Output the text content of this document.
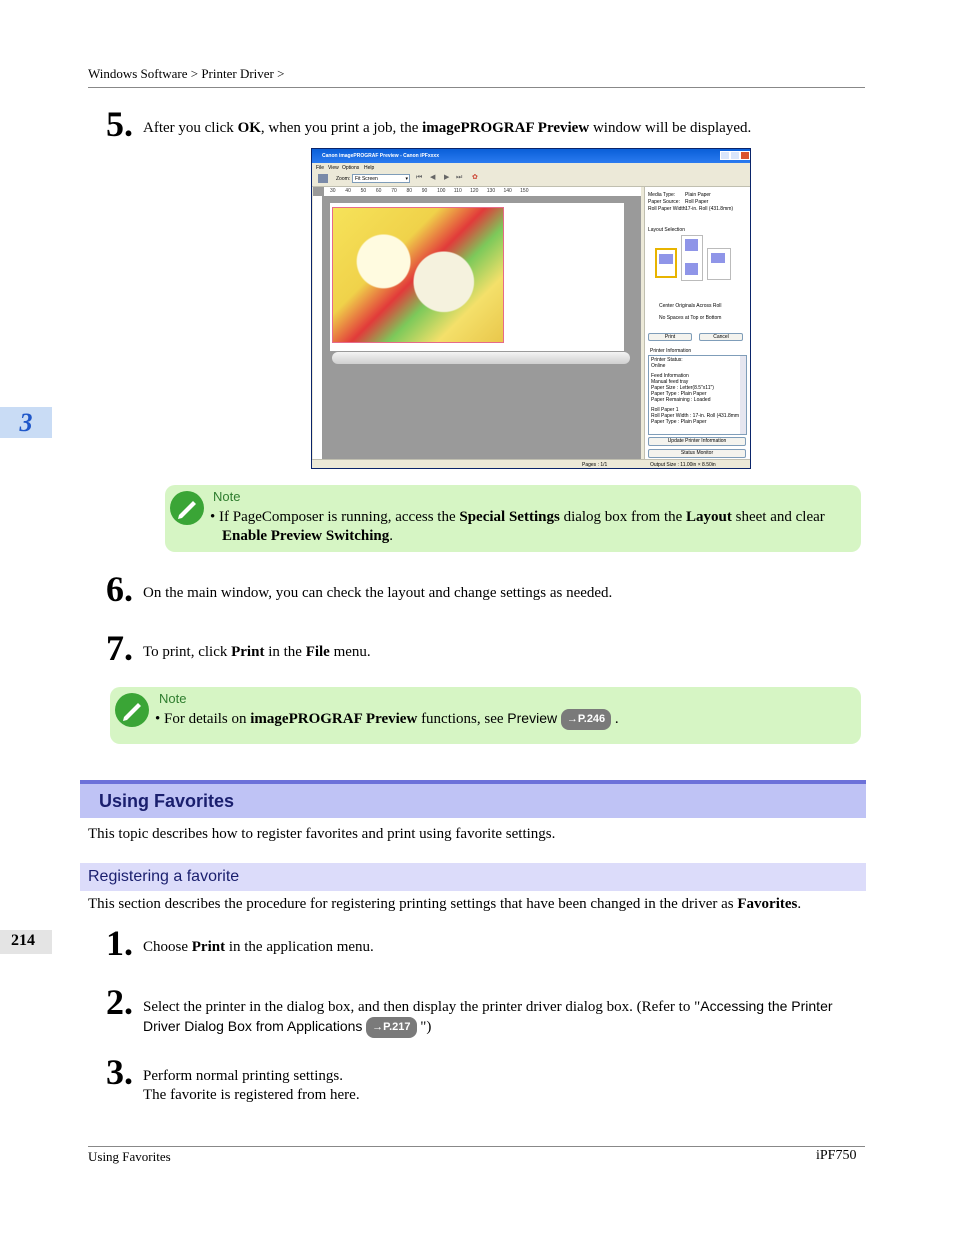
Windows Software > Printer Driver >
3
214
5. After you click OK, when you print a job, the imagePROGRAF Preview window will be displayed.
Canon imagePROGRAF Preview - Canon iPFxxxx
File View Options Help
Zoom: Fit Screen	▾ ⏮ ◀ ▶ ⏭ ✿
30 40 50 60 70 80 90 100 110 120 130 140 150
Media Type: Plain Paper
Paper Source: Roll Paper
Roll Paper Width:
17-in. Roll (431.8mm)
Layout Selection
Center Originals Across Roll
No Spaces at Top or Bottom
Print	Cancel
Printer Information
Printer Status:
Online
Feed Information
Manual feed tray
Paper Size : Letter(8.5"x11")
Paper Type : Plain Paper
Paper Remaining : Loaded
Roll Paper 1
Roll Paper Width : 17-in. Roll (431.8mm
Paper Type : Plain Paper
Update Printer Information
Status Monitor
Pages : 1/1	Output Size : 11.00in × 8.50in
Note
• If PageComposer is running, access the Special Settings dialog box from the Layout sheet and clear
Enable Preview Switching.
6. On the main window, you can check the layout and change settings as needed.
7. To print, click Print in the File menu.
Note
• For details on imagePROGRAF Preview functions, see Preview →P.246 .
Using Favorites
This topic describes how to register favorites and print using favorite settings.
Registering a favorite
This section describes the procedure for registering printing settings that have been changed in the driver as Favorites.
1. Choose Print in the application menu.
2. Select the printer in the dialog box, and then display the printer driver dialog box. (Refer to "Accessing the Printer
Driver Dialog Box from Applications →P.217 ")
3. Perform normal printing settings.
The favorite is registered from here.
Using Favorites	iPF750
